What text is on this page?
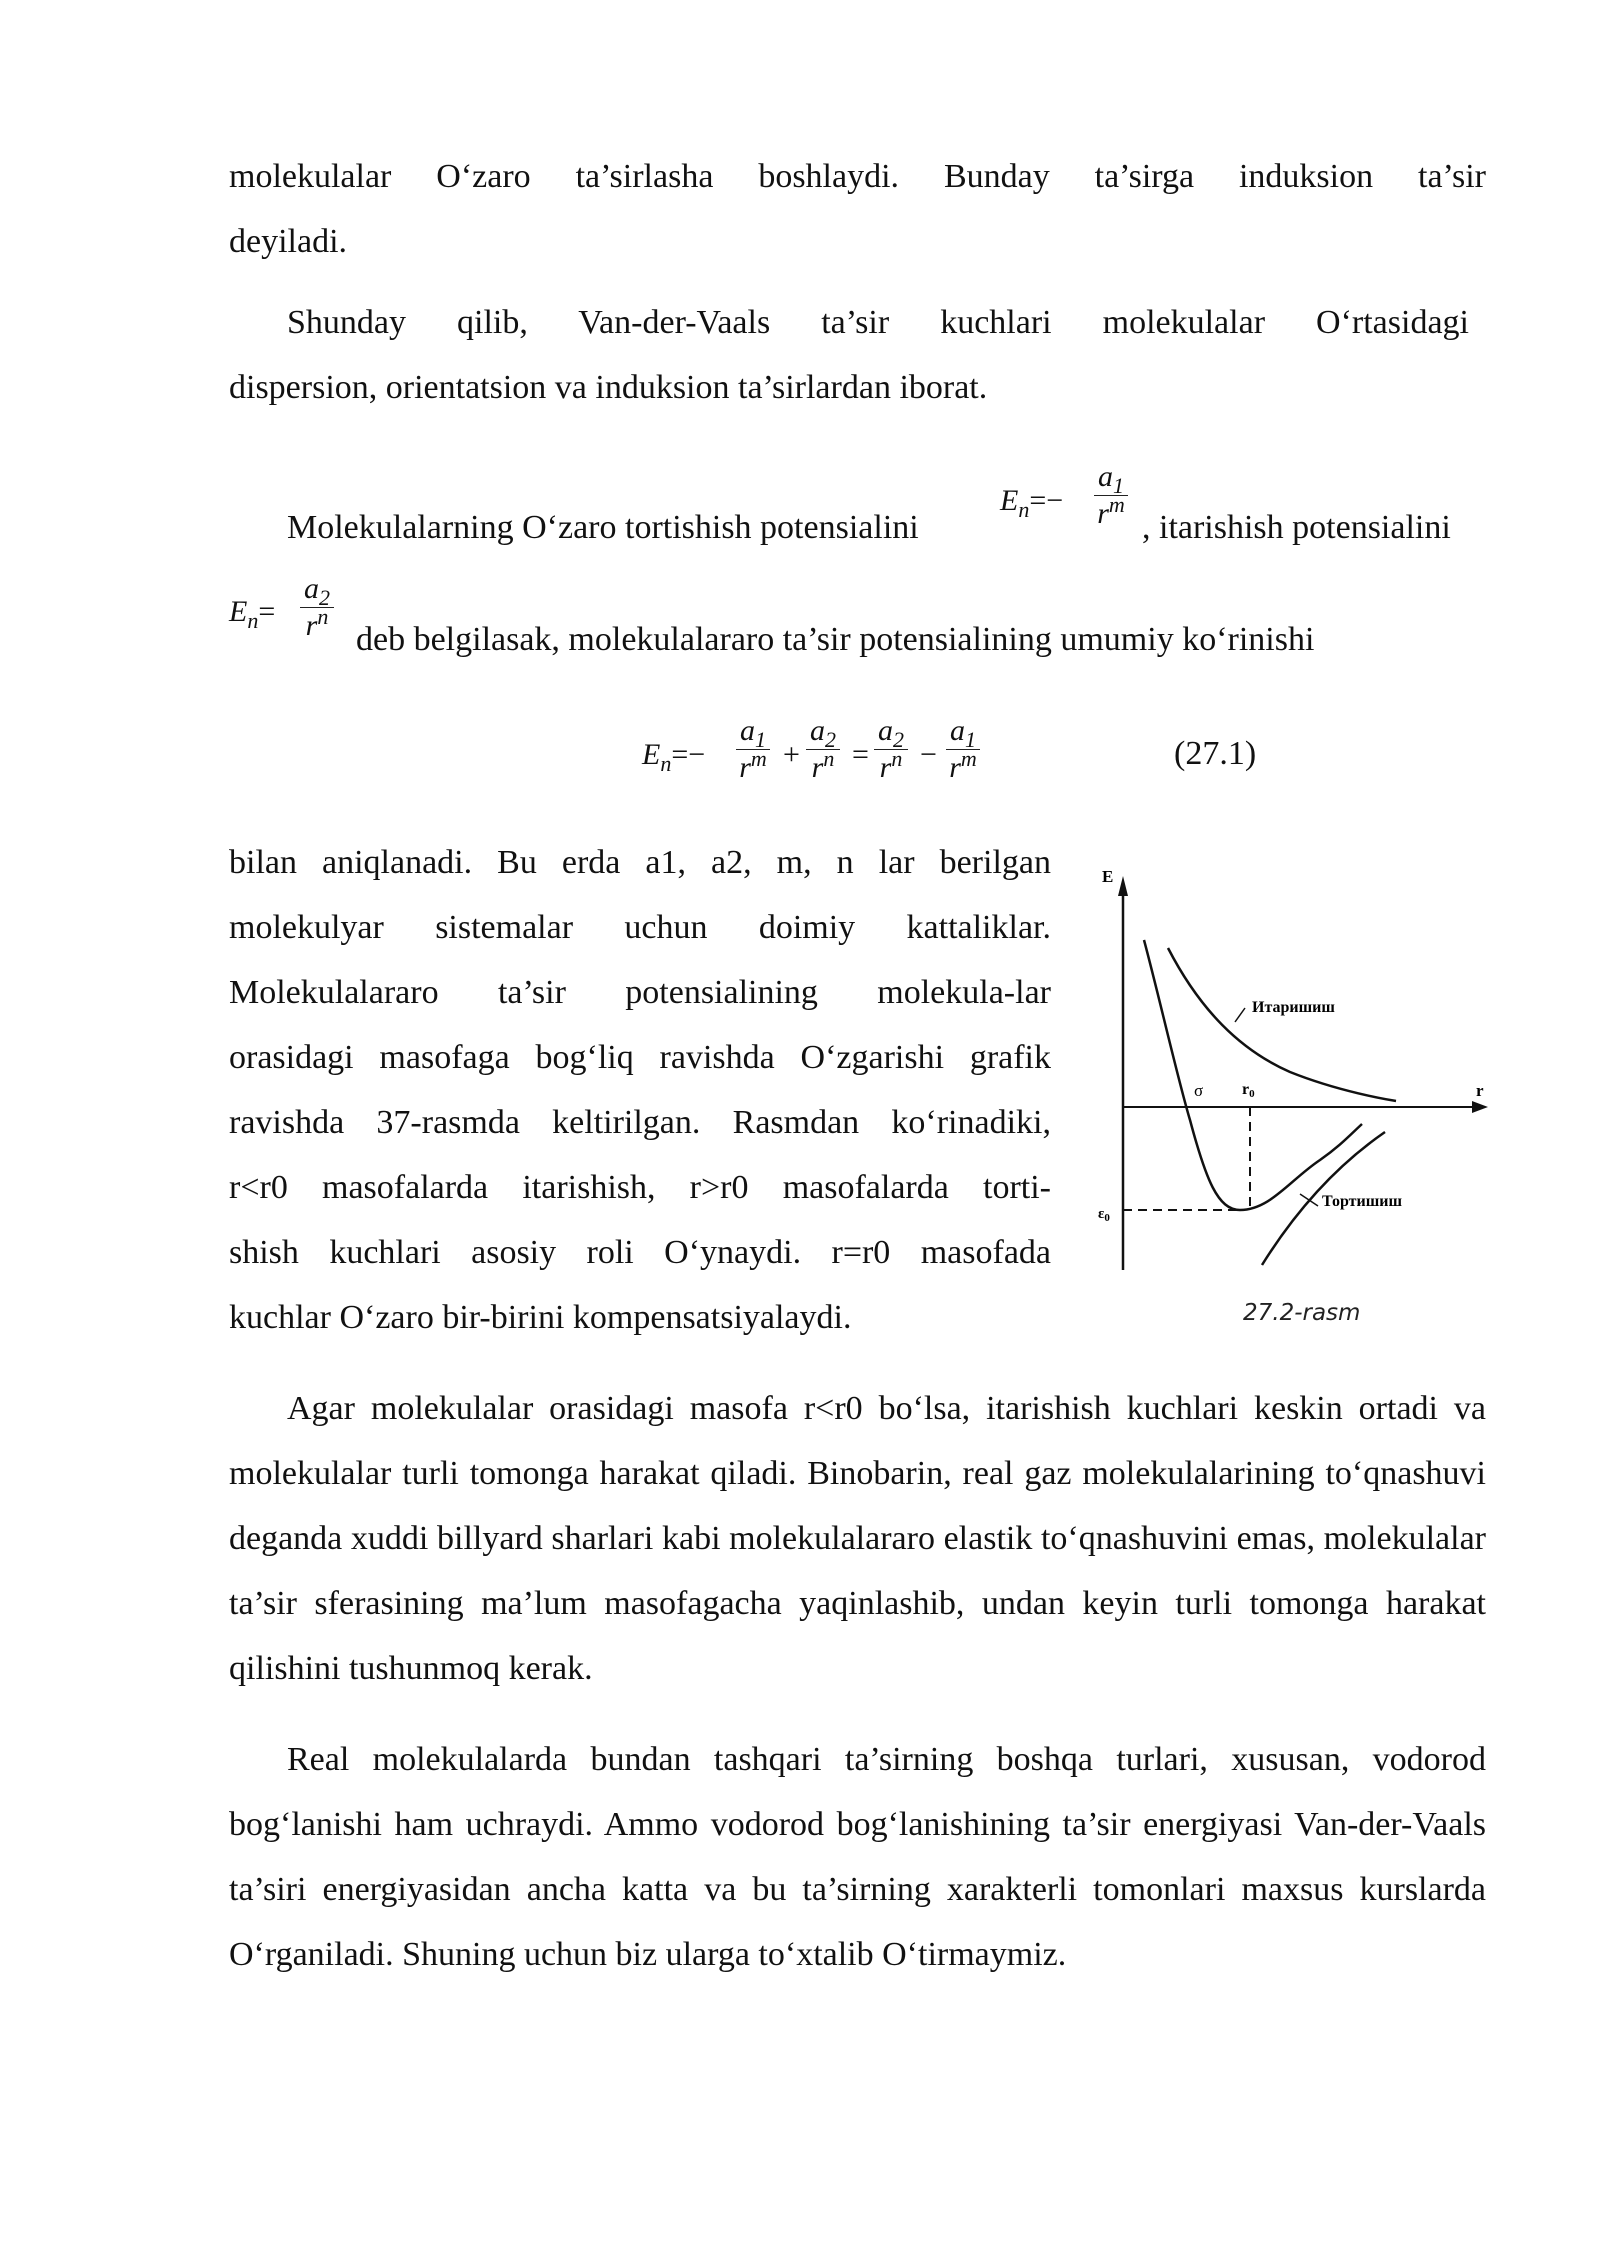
molekulalar O‘zaro ta’sirlasha boshlaydi. Bunday ta’sirga induksion ta’sir

deyiladi.

Shunday qilib, Van-der-Vaals ta’sir kuchlari molekulalar O‘rtasidagi

dispersion, orientatsion va induksion ta’sirlardan iborat.

Molekulalarning O‘zaro tortishish potensialini
$E_n=- \frac{a_1}{r^m}$ , itarishish potensialini
$E_n= \frac{a_2}{r^n}$ deb belgilasak, molekulalararo ta’sir potensialining umumiy ko‘rinishi
$E_n=- \frac{a_1}{r^m} + \frac{a_2}{r^n} = \frac{a_2}{r^n} - \frac{a_1}{r^m}$	(27.1)
bilan aniqlanadi. Bu erda a1, a2, m, n lar berilgan
molekulyar sistemalar uchun doimiy kattaliklar.
Molekulalararo ta’sir potensialining molekula-lar
orasidagi masofaga bog‘liq ravishda O‘zgarishi grafik
ravishda 37-rasmda keltirilgan. Rasmdan ko‘rinadiki,
r<r0 masofalarda itarishish, r>r0 masofalarda torti-
shish kuchlari asosiy roli O‘ynaydi. r=r0 masofada
kuchlar O‘zaro bir-birini kompensatsiyalaydi.
E
r
Итаришиш
Тортишиш
σ r0
$\varepsilon_0$
27.2-rasm

Agar molekulalar orasidagi masofa r<r0 bo‘lsa, itarishish kuchlari keskin ortadi va molekulalar turli tomonga harakat qiladi. Binobarin, real gaz molekulalarining to‘qnashuvi deganda xuddi billyard sharlari kabi molekulalararo elastik to‘qnashuvini emas, molekulalar ta’sir sferasining ma’lum masofagacha yaqinlashib, undan keyin turli tomonga harakat qilishini tushunmoq kerak.

Real molekulalarda bundan tashqari ta’sirning boshqa turlari, xususan, vodorod bog‘lanishi ham uchraydi. Ammo vodorod bog‘lanishining ta’sir energiyasi Van-der-Vaals ta’siri energiyasidan ancha katta va bu ta’sirning xarakterli tomonlari maxsus kurslarda O‘rganiladi. Shuning uchun biz ularga to‘xtalib O‘tirmaymiz.
